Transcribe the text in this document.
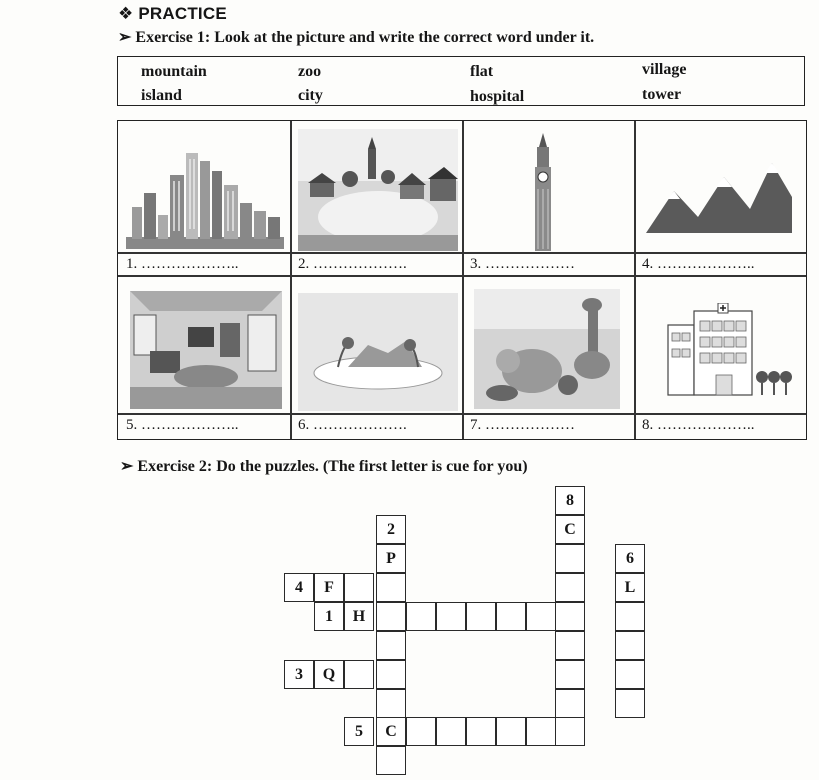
❖ PRACTICE
➢ Exercise 1: Look at the picture and write the correct word under it.
mountain	zoo	flat	village
island	city	hospital	tower
1. ………………..	2. ……………….	3. ………………	4. ………………..
5. ………………..	6. ……………….	7. ………………	8. ………………..
➢ Exercise 2: Do the puzzles. (The first letter is cue for you)
2
P
4	F
1	H
3	Q
5	C
8
C
6
L
